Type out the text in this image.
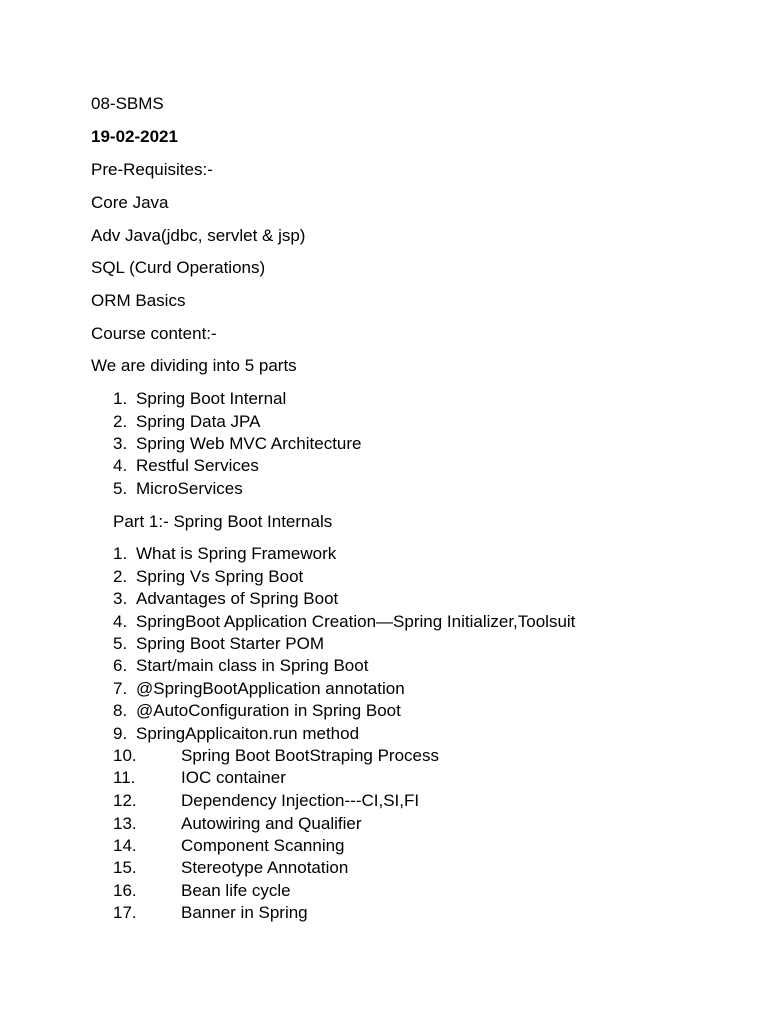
08-SBMS
19-02-2021
Pre-Requisites:-
Core Java
Adv Java(jdbc, servlet & jsp)
SQL (Curd Operations)
ORM Basics
Course content:-
We are dividing into 5 parts
1. Spring Boot Internal
2. Spring Data JPA
3. Spring Web MVC Architecture
4. Restful Services
5. MicroServices
Part 1:- Spring Boot Internals
1. What is Spring Framework
2. Spring Vs Spring Boot
3. Advantages of Spring Boot
4. SpringBoot Application Creation—Spring Initializer,Toolsuit
5. Spring Boot Starter POM
6. Start/main class in Spring Boot
7. @SpringBootApplication annotation
8. @AutoConfiguration in Spring Boot
9. SpringApplicaiton.run method
10.	Spring Boot BootStraping Process
11.	IOC container
12.	Dependency Injection---CI,SI,FI
13.	Autowiring and Qualifier
14.	Component Scanning
15.	Stereotype Annotation
16.	Bean life cycle
17.	Banner in Spring
